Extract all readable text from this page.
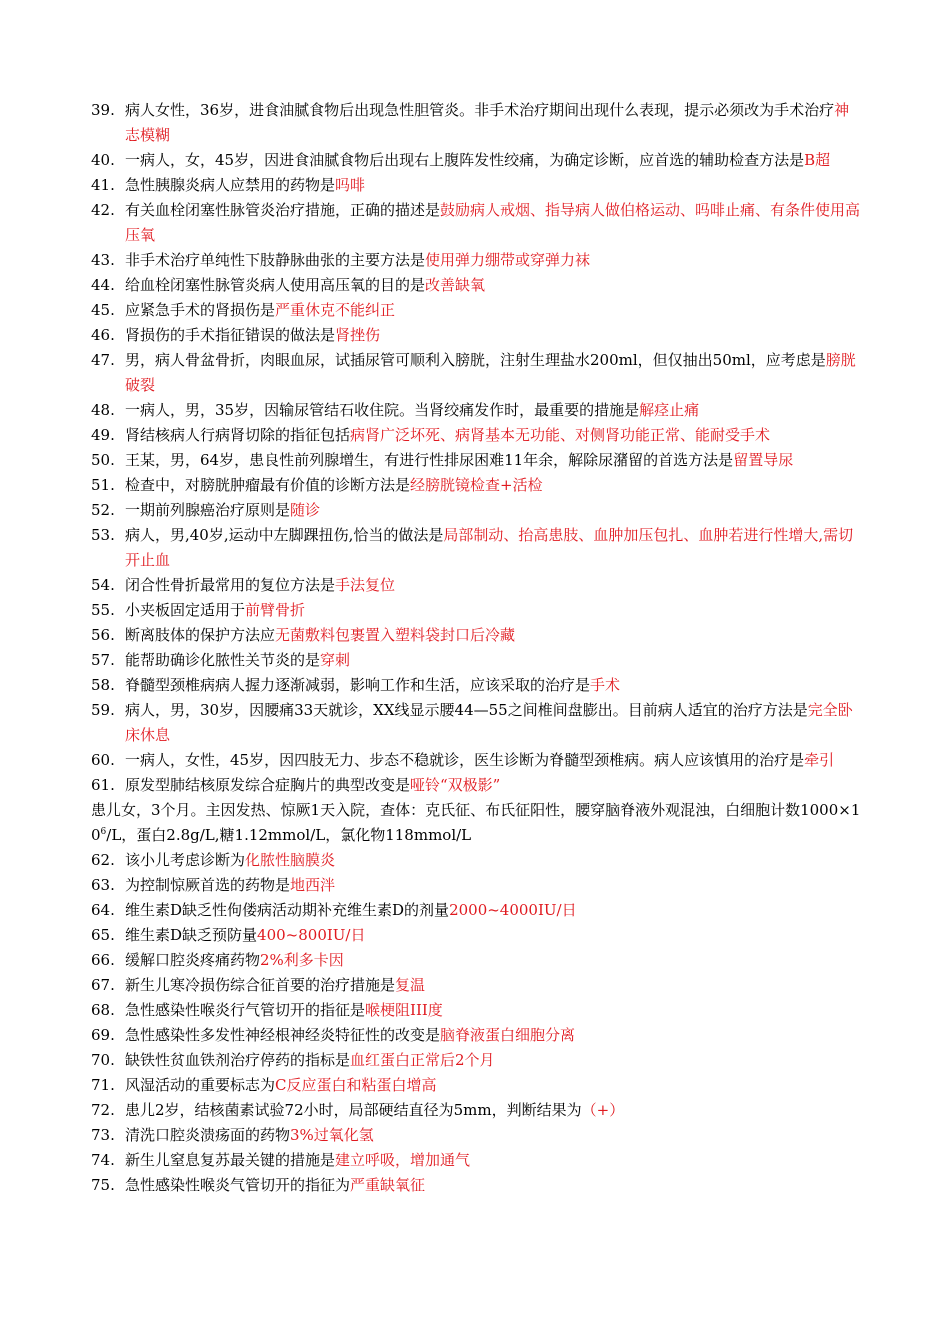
39. 病人女性，36岁，进食油腻食物后出现急性胆管炎。非手术治疗期间出现什么表现，提示必须改为手术治疗神志模糊
40. 一病人，女，45岁，因进食油腻食物后出现右上腹阵发性绞痛，为确定诊断，应首选的辅助检查方法是B超
41. 急性胰腺炎病人应禁用的药物是吗啡
42. 有关血栓闭塞性脉管炎治疗措施，正确的描述是鼓励病人戒烟、指导病人做伯格运动、吗啡止痛、有条件使用高压氧
43. 非手术治疗单纯性下肢静脉曲张的主要方法是使用弹力绷带或穿弹力袜
44. 给血栓闭塞性脉管炎病人使用高压氧的目的是改善缺氧
45. 应紧急手术的肾损伤是严重休克不能纠正
46. 肾损伤的手术指征错误的做法是肾挫伤
47. 男，病人骨盆骨折，肉眼血尿，试插尿管可顺利入膀胱，注射生理盐水200ml，但仅抽出50ml，应考虑是膀胱破裂
48. 一病人，男，35岁，因输尿管结石收住院。当肾绞痛发作时，最重要的措施是解痉止痛
49. 肾结核病人行病肾切除的指征包括病肾广泛坏死、病肾基本无功能、对侧肾功能正常、能耐受手术
50. 王某，男，64岁，患良性前列腺增生，有进行性排尿困难11年余，解除尿潴留的首选方法是留置导尿
51. 检查中，对膀胱肿瘤最有价值的诊断方法是经膀胱镜检查+活检
52. 一期前列腺癌治疗原则是随诊
53. 病人，男,40岁,运动中左脚踝扭伤,恰当的做法是局部制动、抬高患肢、血肿加压包扎、血肿若进行性增大,需切开止血
54. 闭合性骨折最常用的复位方法是手法复位
55. 小夹板固定适用于前臂骨折
56. 断离肢体的保护方法应无菌敷料包裹置入塑料袋封口后冷藏
57. 能帮助确诊化脓性关节炎的是穿刺
58. 脊髓型颈椎病病人握力逐渐减弱，影响工作和生活，应该采取的治疗是手术
59. 病人，男，30岁，因腰痛33天就诊，XX线显示腰44—55之间椎间盘膨出。目前病人适宜的治疗方法是完全卧床休息
60. 一病人，女性，45岁，因四肢无力、步态不稳就诊，医生诊断为脊髓型颈椎病。病人应该慎用的治疗是牵引
61. 原发型肺结核原发综合症胸片的典型改变是哑铃“双极影”
患儿女，3个月。主因发热、惊厥1天入院，查体：克氏征、布氏征阳性，腰穿脑脊液外观混浊，白细胞计数$1000\times 10^6/L$，蛋白2.8g/L,糖1.12mmol/L，氯化物118mmol/L
62. 该小儿考虑诊断为化脓性脑膜炎
63. 为控制惊厥首选的药物是地西泮
64. 维生素D缺乏性佝偻病活动期补充维生素D的剂量2000~4000IU/日
65. 维生素D缺乏预防量400~800IU/日
66. 缓解口腔炎疼痛药物2%利多卡因
67. 新生儿寒冷损伤综合征首要的治疗措施是复温
68. 急性感染性喉炎行气管切开的指征是喉梗阻III度
69. 急性感染性多发性神经根神经炎特征性的改变是脑脊液蛋白细胞分离
70. 缺铁性贫血铁剂治疗停药的指标是血红蛋白正常后2个月
71. 风湿活动的重要标志为C反应蛋白和粘蛋白增高
72. 患儿2岁，结核菌素试验72小时，局部硬结直径为5mm，判断结果为（+）
73. 清洗口腔炎溃疡面的药物3%过氧化氢
74. 新生儿窒息复苏最关键的措施是建立呼吸，增加通气
75. 急性感染性喉炎气管切开的指征为严重缺氧征
